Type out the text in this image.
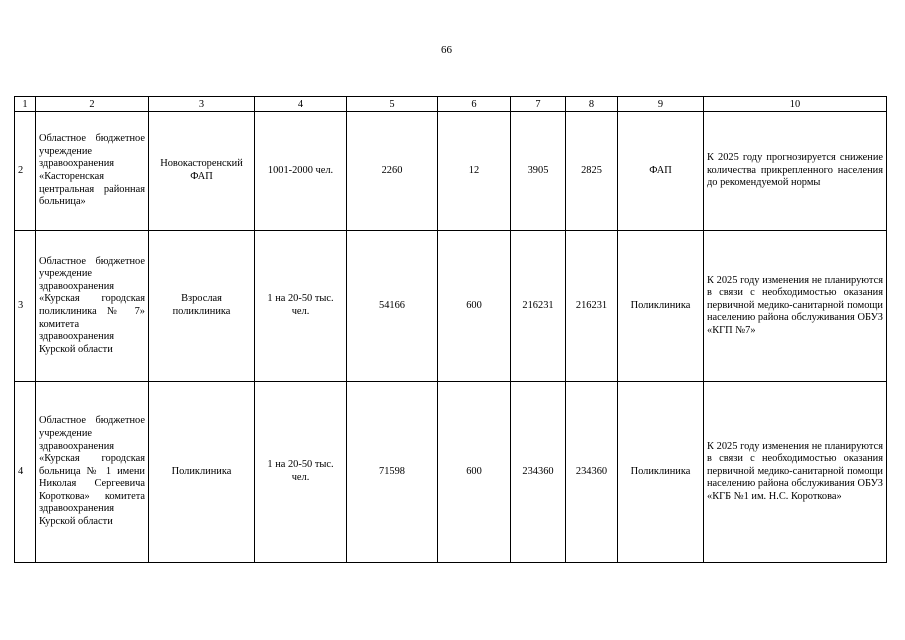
66
1	2	3	4	5	6	7	8	9	10
2	Областное бюджетное учреждение здравоохранения «Касторенская центральная районная больница»	Новокасторенский ФАП	1001-2000 чел.	2260	12	3905	2825	ФАП	К 2025 году прогнозируется снижение количества прикрепленного населения до рекомендуемой нормы
3	Областное бюджетное учреждение здравоохранения «Курская городская поликлиника № 7» комитета здравоохранения Курской области	Взрослая поликлиника	1 на 20-50 тыс. чел.	54166	600	216231	216231	Поликлиника	К 2025 году изменения не планируются в связи с необходимостью оказания первичной медико-санитарной помощи населению района обслуживания ОБУЗ «КГП №7»
4	Областное бюджетное учреждение здравоохранения «Курская городская больница № 1 имени Николая Сергеевича Короткова» комитета здравоохранения Курской области	Поликлиника	1 на 20-50 тыс. чел.	71598	600	234360	234360	Поликлиника	К 2025 году изменения не планируются в связи с необходимостью оказания первичной медико-санитарной помощи населению района обслуживания ОБУЗ «КГБ №1 им. Н.С. Короткова»
